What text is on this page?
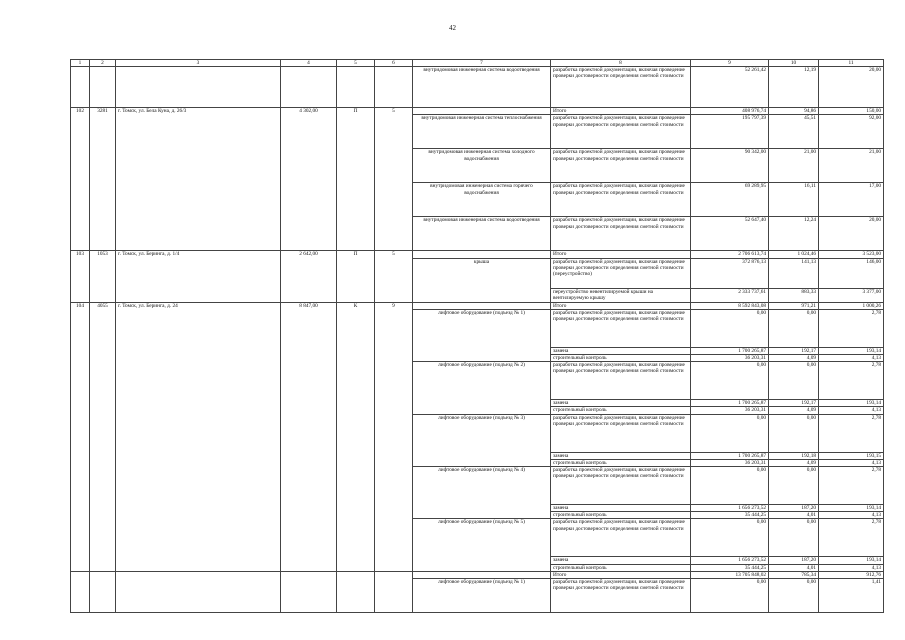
42
1	2	3	4	5	6	7	8	9	10	11
						внутридомовая инженерная система водоотведения	разработка проектной документации, включая проведение проверки достоверности определения сметной стоимости	52 261,42	12,19	20,00
102	3281	г. Томск, ул. Бела Куна, д. 26/3	4 302,00	П	5		Итого	408 976,74	94,86	150,00
						внутридомовая инженерная система теплоснабжения	разработка проектной документации, включая проведение проверки достоверности определения сметной стоимости	195 797,39	45,51	92,00
						внутридомовая инженерная система холодного водоснабжения	разработка проектной документации, включая проведение проверки достоверности определения сметной стоимости	90 342,00	21,00	21,00
						внутридомовая инженерная система горячего водоснабжения	разработка проектной документации, включая проведение проверки достоверности определения сметной стоимости	69 289,95	16,11	17,00
						внутридомовая инженерная система водоотведения	разработка проектной документации, включая проведение проверки достоверности определения сметной стоимости	52 647,40	12,24	20,00
103	1053	г. Томск, ул. Беринга, д. 1/4	2 642,00	П	5		Итого	2 706 613,74	1 024,46	3 523,00
						крыша	разработка проектной документации, включая проведение проверки достоверности определения сметной стоимости (переустройство)	372 876,13	141,13	146,00
							переустройство невентилируемой крыши на вентилируемую крышу	2 333 737,61	883,33	3 377,00
104	4055	г. Томск, ул. Беринга, д. 24	8 847,00	К	9		Итого	8 592 843,08	971,21	1 000,26
						лифтовое оборудование (подъезд № 1)	разработка проектной документации, включая проведение проверки достоверности определения сметной стоимости	0,00	0,00	2,78
							замена	1 700 265,87	192,17	193,14
							строительный контроль	36 203,31	4,09	4,13
						лифтовое оборудование (подъезд № 2)	разработка проектной документации, включая проведение проверки достоверности определения сметной стоимости	0,00	0,00	2,78
							замена	1 700 265,87	192,17	193,14
							строительный контроль	36 203,31	4,09	4,13
						лифтовое оборудование (подъезд № 3)	разработка проектной документации, включая проведение проверки достоверности определения сметной стоимости	0,00	0,00	2,78
							замена	1 700 265,87	192,18	193,15
							строительный контроль	36 203,31	4,09	4,13
						лифтовое оборудование (подъезд № 4)	разработка проектной документации, включая проведение проверки достоверности определения сметной стоимости	0,00	0,00	2,78
							замена	1 656 273,52	187,20	193,14
							строительный контроль	35 444,25	4,01	4,13
						лифтовое оборудование (подъезд № 5)	разработка проектной документации, включая проведение проверки достоверности определения сметной стоимости	0,00	0,00	2,78
							замена	1 656 273,52	187,20	193,14
							строительный контроль	35 444,25	4,01	4,13
							Итого	13 705 848,02	785,34	912,76
						лифтовое оборудование (подъезд № 1)	разработка проектной документации, включая проведение проверки достоверности определения сметной стоимости	0,00	0,00	1,41
